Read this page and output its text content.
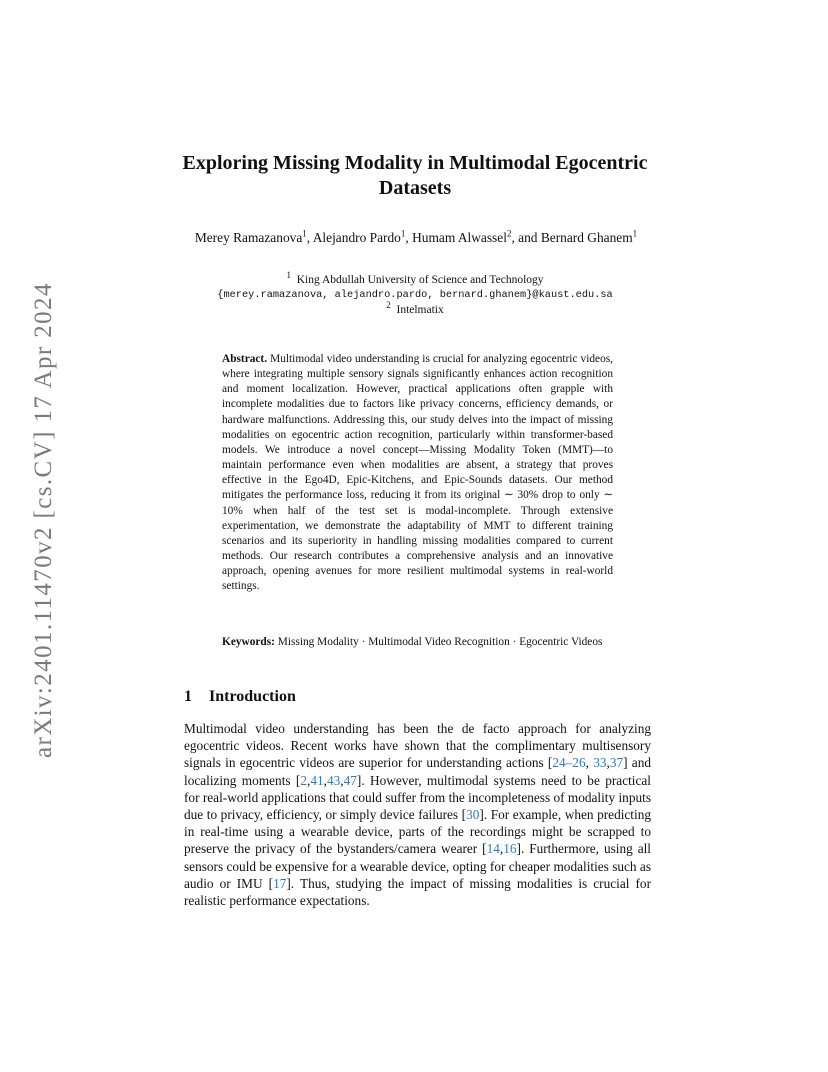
arXiv:2401.11470v2 [cs.CV] 17 Apr 2024
Exploring Missing Modality in Multimodal Egocentric Datasets
Merey Ramazanova$^1$, Alejandro Pardo$^1$, Humam Alwassel$^2$, and Bernard Ghanem$^1$
$^1$ King Abdullah University of Science and Technology
{merey.ramazanova, alejandro.pardo, bernard.ghanem}@kaust.edu.sa
$^2$ Intelmatix
Abstract. Multimodal video understanding is crucial for analyzing egocentric videos, where integrating multiple sensory signals significantly enhances action recognition and moment localization. However, practical applications often grapple with incomplete modalities due to factors like privacy concerns, efficiency demands, or hardware malfunctions. Addressing this, our study delves into the impact of missing modalities on egocentric action recognition, particularly within transformer-based models. We introduce a novel concept—Missing Modality Token (MMT)—to maintain performance even when modalities are absent, a strategy that proves effective in the Ego4D, Epic-Kitchens, and Epic-Sounds datasets. Our method mitigates the performance loss, reducing it from its original ∼ 30% drop to only ∼ 10% when half of the test set is modal-incomplete. Through extensive experimentation, we demonstrate the adaptability of MMT to different training scenarios and its superiority in handling missing modalities compared to current methods. Our research contributes a comprehensive analysis and an innovative approach, opening avenues for more resilient multimodal systems in real-world settings.
Keywords: Missing Modality · Multimodal Video Recognition · Egocentric Videos
1 Introduction
Multimodal video understanding has been the de facto approach for analyzing egocentric videos. Recent works have shown that the complimentary multisensory signals in egocentric videos are superior for understanding actions [24–26, 33,37] and localizing moments [2,41,43,47]. However, multimodal systems need to be practical for real-world applications that could suffer from the incompleteness of modality inputs due to privacy, efficiency, or simply device failures [30]. For example, when predicting in real-time using a wearable device, parts of the recordings might be scrapped to preserve the privacy of the bystanders/camera wearer [14,16]. Furthermore, using all sensors could be expensive for a wearable device, opting for cheaper modalities such as audio or IMU [17]. Thus, studying the impact of missing modalities is crucial for realistic performance expectations.
